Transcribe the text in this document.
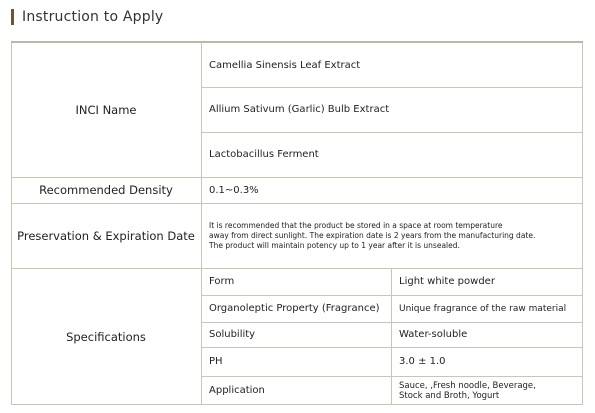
Instruction to Apply
INCI Name
Recommended Density
Preservation & Expiration Date
Specifications
Camellia Sinensis Leaf Extract
Allium Sativum (Garlic) Bulb Extract
Lactobacillus Ferment
0.1~0.3%
It is recommended that the product be stored in a space at room temperature
away from direct sunlight. The expiration date is 2 years from the manufacturing date.
The product will maintain potency up to 1 year after it is unsealed.
Form
Organoleptic Property (Fragrance)
Solubility
PH
Application
Light white powder
Unique fragrance of the raw material
Water-soluble
3.0 ± 1.0
Sauce, ,Fresh noodle, Beverage,
Stock and Broth, Yogurt
